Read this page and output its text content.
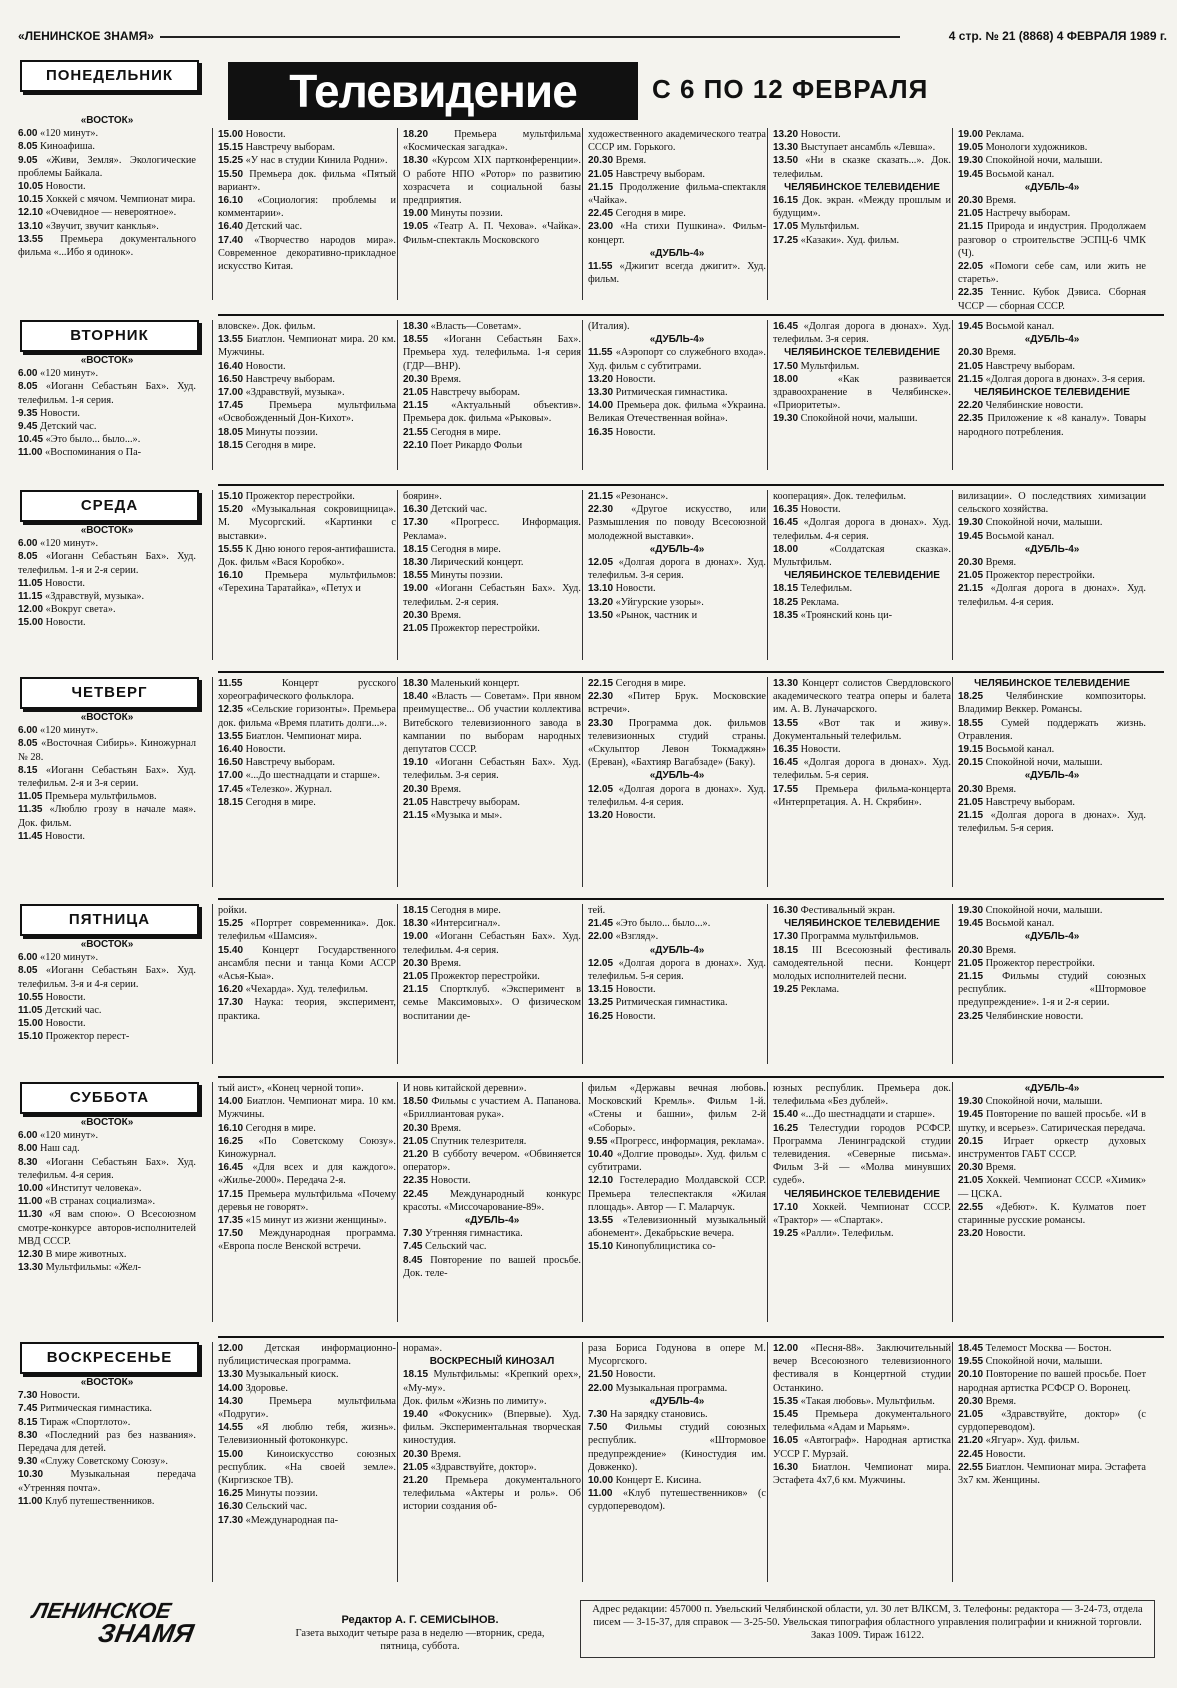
«ЛЕНИНСКОЕ ЗНАМЯ»	4 стр. № 21 (8868) 4 ФЕВРАЛЯ 1989 г.
Телевидение	С 6 ПО 12 ФЕВРАЛЯ
ПОНЕДЕЛЬНИК

«ВОСТОК»

6.00 «120 минут».

8.05 Киноафиша.

9.05 «Живи, Земля». Экологические проблемы Байкала.

10.05 Новости.

10.15 Хоккей с мячом. Чемпионат мира.

12.10 «Очевидное — невероятное».

13.10 «Звучит, звучит канклья».

13.55 Премьера документального фильма «...Ибо я одинок».

15.00 Новости.

15.15 Навстречу выборам.

15.25 «У нас в студии Кинила Родни».

15.50 Премьера док. фильма «Пятый вариант».

16.10 «Социология: проблемы и комментарии».

16.40 Детский час.

17.40 «Творчество народов мира». Современное декоративно-прикладное искусство Китая.

18.20 Премьера мультфильма «Космическая загадка».

18.30 «Курсом XIX партконференции». О работе НПО «Ротор» по развитию хозрасчета и социальной базы предприятия.

19.00 Минуты поэзии.

19.05 «Театр А. П. Чехова». «Чайка». Фильм-спектакль Московского

художественного академического театра СССР им. Горького.

20.30 Время.

21.05 Навстречу выборам.

21.15 Продолжение фильма-спектакля «Чайка».

22.45 Сегодня в мире.

23.00 «На стихи Пушкина». Фильм-концерт.

«ДУБЛЬ-4»

11.55 «Джигит всегда джигит». Худ. фильм.

13.20 Новости.

13.30 Выступает ансамбль «Левша».

13.50 «Ни в сказке сказать...». Док. телефильм.

ЧЕЛЯБИНСКОЕ ТЕЛЕВИДЕНИЕ

16.15 Док. экран. «Между прошлым и будущим».

17.05 Мультфильм.

17.25 «Казаки». Худ. фильм.

19.00 Реклама.

19.05 Монологи художников.

19.30 Спокойной ночи, малыши.

19.45 Восьмой канал.

«ДУБЛЬ-4»

20.30 Время.

21.05 Настречу выборам.

21.15 Природа и индустрия. Продолжаем разговор о строительстве ЭСПЦ-6 ЧМК (Ч).

22.05 «Помоги себе сам, или жить не стареть».

22.35 Теннис. Кубок Дэвиса. Сборная ЧССР — сборная СССР.

ВТОРНИК

«ВОСТОК»

6.00 «120 минут».

8.05 «Иоганн Себастьян Бах». Худ. телефильм. 1-я серия.

9.35 Новости.

9.45 Детский час.

10.45 «Это было... было...».

11.00 «Воспоминания о Па-

вловске». Док. фильм.

13.55 Биатлон. Чемпионат мира. 20 км. Мужчины.

16.40 Новости.

16.50 Навстречу выборам.

17.00 «Здравствуй, музыка».

17.45 Премьера мультфильма «Освобожденный Дон-Кихот».

18.05 Минуты поэзии.

18.15 Сегодня в мире.

18.30 «Власть—Советам».

18.55 «Иоганн Себастьян Бах». Премьера худ. телефильма. 1-я серия (ГДР—ВНР).

20.30 Время.

21.05 Навстречу выборам.

21.15 «Актуальный объектив». Премьера док. фильма «Рыковы».

21.55 Сегодня в мире.

22.10 Поет Рикардо Фольи

(Италия).

«ДУБЛЬ-4»

11.55 «Аэропорт со служебного входа». Худ. фильм с субтитрами.

13.20 Новости.

13.30 Ритмическая гимнастика.

14.00 Премьера док. фильма «Украина. Великая Отечественная война».

16.35 Новости.

16.45 «Долгая дорога в дюнах». Худ. телефильм. 3-я серия.

ЧЕЛЯБИНСКОЕ ТЕЛЕВИДЕНИЕ

17.50 Мультфильм.

18.00 «Как развивается здравоохранение в Челябинске». «Приоритеты».

19.30 Спокойной ночи, малыши.

19.45 Восьмой канал.

«ДУБЛЬ-4»

20.30 Время.

21.05 Навстречу выборам.

21.15 «Долгая дорога в дюнах». 3-я серия.

ЧЕЛЯБИНСКОЕ ТЕЛЕВИДЕНИЕ

22.20 Челябинские новости.

22.35 Приложение к «8 каналу». Товары народного потребления.

СРЕДА

«ВОСТОК»

6.00 «120 минут».

8.05 «Иоганн Себастьян Бах». Худ. телефильм. 1-я и 2-я серии.

11.05 Новости.

11.15 «Здравствуй, музыка».

12.00 «Вокруг света».

15.00 Новости.

15.10 Прожектор перестройки.

15.20 «Музыкальная сокровищница». М. Мусоргский. «Картинки с выставки».

15.55 К Дню юного героя-антифашиста. Док. фильм «Вася Коробко».

16.10 Премьера мультфильмов: «Терехина Таратайка», «Петух и

боярин».

16.30 Детский час.

17.30 «Прогресс. Информация. Реклама».

18.15 Сегодня в мире.

18.30 Лирический концерт.

18.55 Минуты поэзии.

19.00 «Иоганн Себастьян Бах». Худ. телефильм. 2-я серия.

20.30 Время.

21.05 Прожектор перестройки.

21.15 «Резонанс».

22.30 «Другое искусство, или Размышления по поводу Всесоюзной молодежной выставки».

«ДУБЛЬ-4»

12.05 «Долгая дорога в дюнах». Худ. телефильм. 3-я серия.

13.10 Новости.

13.20 «Уйгурские узоры».

13.50 «Рынок, частник и

кооперация». Док. телефильм.

16.35 Новости.

16.45 «Долгая дорога в дюнах». Худ. телефильм. 4-я серия.

18.00 «Солдатская сказка». Мультфильм.

ЧЕЛЯБИНСКОЕ ТЕЛЕВИДЕНИЕ

18.15 Телефильм.

18.25 Реклама.

18.35 «Троянский конь ци-

вилизации». О последствиях химизации сельского хозяйства.

19.30 Спокойной ночи, малыши.

19.45 Восьмой канал.

«ДУБЛЬ-4»

20.30 Время.

21.05 Прожектор перестройки.

21.15 «Долгая дорога в дюнах». Худ. телефильм. 4-я серия.

ЧЕТВЕРГ

«ВОСТОК»

6.00 «120 минут».

8.05 «Восточная Сибирь». Киножурнал № 28.

8.15 «Иоганн Себастьян Бах». Худ. телефильм. 2-я и 3-я серии.

11.05 Премьера мультфильмов.

11.35 «Люблю грозу в начале мая». Док. фильм.

11.45 Новости.

11.55 Концерт русского хореографического фольклора.

12.35 «Сельские горизонты». Премьера док. фильма «Время платить долги...».

13.55 Биатлон. Чемпионат мира.

16.40 Новости.

16.50 Навстречу выборам.

17.00 «...До шестнадцати и старше».

17.45 «Телезко». Журнал.

18.15 Сегодня в мире.

18.30 Маленький концерт.

18.40 «Власть — Советам». При явном преимуществе... Об участии коллектива Витебского телевизионного завода в кампании по выборам народных депутатов СССР.

19.10 «Иоганн Себастьян Бах». Худ. телефильм. 3-я серия.

20.30 Время.

21.05 Навстречу выборам.

21.15 «Музыка и мы».

22.15 Сегодня в мире.

22.30 «Питер Брук. Московские встречи».

23.30 Программа док. фильмов телевизионных студий страны. «Скульптор Левон Токмаджян» (Ереван), «Бахтияр Вагабзаде» (Баку).

«ДУБЛЬ-4»

12.05 «Долгая дорога в дюнах». Худ. телефильм. 4-я серия.

13.20 Новости.

13.30 Концерт солистов Свердловского академического театра оперы и балета им. А. В. Луначарского.

13.55 «Вот так и живу». Документальный телефильм.

16.35 Новости.

16.45 «Долгая дорога в дюнах». Худ. телефильм. 5-я серия.

17.55 Премьера фильма-концерта «Интерпретация. А. Н. Скрябин».

ЧЕЛЯБИНСКОЕ ТЕЛЕВИДЕНИЕ

18.25 Челябинские композиторы. Владимир Веккер. Романсы.

18.55 Сумей поддержать жизнь. Отравления.

19.15 Восьмой канал.

20.15 Спокойной ночи, малыши.

«ДУБЛЬ-4»

20.30 Время.

21.05 Навстречу выборам.

21.15 «Долгая дорога в дюнах». Худ. телефильм. 5-я серия.

ПЯТНИЦА

«ВОСТОК»

6.00 «120 минут».

8.05 «Иоганн Себастьян Бах». Худ. телефильм. 3-я и 4-я серии.

10.55 Новости.

11.05 Детский час.

15.00 Новости.

15.10 Прожектор перест-

ройки.

15.25 «Портрет современника». Док. телефильм «Шамсия».

15.40 Концерт Государственного ансамбля песни и танца Коми АССР «Асья-Кыа».

16.20 «Чехарда». Худ. телефильм.

17.30 Наука: теория, эксперимент, практика.

18.15 Сегодня в мире.

18.30 «Интерсигнал».

19.00 «Иоганн Себастьян Бах». Худ. телефильм. 4-я серия.

20.30 Время.

21.05 Прожектор перестройки.

21.15 Спортклуб. «Эксперимент в семье Максимовых». О физическом воспитании де-

тей.

21.45 «Это было... было...».

22.00 «Взгляд».

«ДУБЛЬ-4»

12.05 «Долгая дорога в дюнах». Худ. телефильм. 5-я серия.

13.15 Новости.

13.25 Ритмическая гимнастика.

16.25 Новости.

16.30 Фестивальный экран.

ЧЕЛЯБИНСКОЕ ТЕЛЕВИДЕНИЕ

17.30 Программа мультфильмов.

18.15 III Всесоюзный фестиваль самодеятельной песни. Концерт молодых исполнителей песни.

19.25 Реклама.

19.30 Спокойной ночи, малыши.

19.45 Восьмой канал.

«ДУБЛЬ-4»

20.30 Время.

21.05 Прожектор перестройки.

21.15 Фильмы студий союзных республик. «Штормовое предупреждение». 1-я и 2-я серии.

23.25 Челябинские новости.

СУББОТА

«ВОСТОК»

6.00 «120 минут».

8.00 Наш сад.

8.30 «Иоганн Себастьян Бах». Худ. телефильм. 4-я серия.

10.00 «Институт человека».

11.00 «В странах социализма».

11.30 «Я вам спою». О Всесоюзном смотре-конкурсе авторов-исполнителей МВД СССР.

12.30 В мире животных.

13.30 Мультфильмы: «Жел-

тый аист», «Конец черной топи».

14.00 Биатлон. Чемпионат мира. 10 км. Мужчины.

16.10 Сегодня в мире.

16.25 «По Советскому Союзу». Киножурнал.

16.45 «Для всех и для каждого». «Жилье-2000». Передача 2-я.

17.15 Премьера мультфильма «Почему деревья не говорят».

17.35 «15 минут из жизни женщины».

17.50 Международная программа. «Европа после Венской встречи.

И новь китайской деревни».

18.50 Фильмы с участием А. Папанова. «Бриллиантовая рука».

20.30 Время.

21.05 Спутник телезрителя.

21.20 В субботу вечером. «Обвиняется оператор».

22.35 Новости.

22.45 Международный конкурс красоты. «Миссочарование-89».

«ДУБЛЬ-4»

7.30 Утренняя гимнастика.

7.45 Сельский час.

8.45 Повторение по вашей просьбе. Док. теле-

фильм «Державы вечная любовь. Московский Кремль». Фильм 1-й. «Стены и башни», фильм 2-й «Соборы».

9.55 «Прогресс, информация, реклама».

10.40 «Долгие проводы». Худ. фильм с субтитрами.

12.10 Гостелерадио Молдавской ССР. Премьера телеспектакля «Жилая площадь». Автор — Г. Маларчук.

13.55 «Телевизионный музыкальный абонемент». Декабрьские вечера.

15.10 Кинопублицистика со-

юзных республик. Премьера док. телефильма «Без дублей».

15.40 «...До шестнадцати и старше».

16.25 Телестудии городов РСФСР. Программа Ленинградской студии телевидения. «Северные письма». Фильм 3-й — «Молва минувших судеб».

ЧЕЛЯБИНСКОЕ ТЕЛЕВИДЕНИЕ

17.10 Хоккей. Чемпионат СССР. «Трактор» — «Спартак».

19.25 «Ралли». Телефильм.

«ДУБЛЬ-4»

19.30 Спокойной ночи, малыши.

19.45 Повторение по вашей просьбе. «И в шутку, и всерьез». Сатирическая передача.

20.15 Играет оркестр духовых инструментов ГАБТ СССР.

20.30 Время.

21.05 Хоккей. Чемпионат СССР. «Химик» — ЦСКА.

22.55 «Дебют». К. Кулматов поет старинные русские романсы.

23.20 Новости.

ВОСКРЕСЕНЬЕ

«ВОСТОК»

7.30 Новости.

7.45 Ритмическая гимнастика.

8.15 Тираж «Спортлото».

8.30 «Последний раз без названия». Передача для детей.

9.30 «Служу Советскому Союзу».

10.30 Музыкальная передача «Утренняя почта».

11.00 Клуб путешественников.

12.00 Детская информационно-публицистическая программа.

13.30 Музыкальный киоск.

14.00 Здоровье.

14.30 Премьера мультфильма «Подруги».

14.55 «Я люблю тебя, жизнь». Телевизионный фотоконкурс.

15.00 Киноискусство союзных республик. «На своей земле». (Киргизское ТВ).

16.25 Минуты поэзии.

16.30 Сельский час.

17.30 «Международная па-

норама».

ВОСКРЕСНЫЙ КИНОЗАЛ

18.15 Мультфильмы: «Крепкий орех», «Му-му».

Док. фильм «Жизнь по лимиту».

19.40 «Фокусник» (Впервые). Худ. фильм. Экспериментальная творческая киностудия.

20.30 Время.

21.05 «Здравствуйте, доктор».

21.20 Премьера документального телефильма «Актеры и роль». Об истории создания об-

раза Бориса Годунова в опере М. Мусоргского.

21.50 Новости.

22.00 Музыкальная программа.

«ДУБЛЬ-4»

7.30 На зарядку становись.

7.50 Фильмы студий союзных республик. «Штормовое предупреждение» (Киностудия им. Довженко).

10.00 Концерт Е. Кисина.

11.00 «Клуб путешественников» (с сурдопереводом).

12.00 «Песня-88». Заключительный вечер Всесоюзного телевизионного фестиваля в Концертной студии Останкино.

15.35 «Такая любовь». Мультфильм.

15.45 Премьера документального телефильма «Адам и Марьям».

16.05 «Автограф». Народная артистка УССР Г. Мурзай.

16.30 Биатлон. Чемпионат мира. Эстафета 4x7,6 км. Мужчины.

18.45 Телемост Москва — Бостон.

19.55 Спокойной ночи, малыши.

20.10 Повторение по вашей просьбе. Поет народная артистка РСФСР О. Воронец.

20.30 Время.

21.05 «Здравствуйте, доктор» (с сурдопереводом).

21.20 «Ягуар». Худ. фильм.

22.45 Новости.

22.55 Биатлон. Чемпионат мира. Эстафета 3x7 км. Женщины.

ЛЕНИНСКОЕ
ЗНАМЯ	Редактор А. Г. СЕМИСЫНОВ.
Газета выходит четыре раза в неделю —вторник, среда, пятница, суббота.
Адрес редакции: 457000 п. Увельский Челябинской области, ул. 30 лет ВЛКСМ, 3. Телефоны: редактора — 3-24-73, отдела писем — 3-15-37, для справок — 3-25-50. Увельская типография областного управления полиграфии и книжной торговли.
Заказ 1009. Тираж 16122.
